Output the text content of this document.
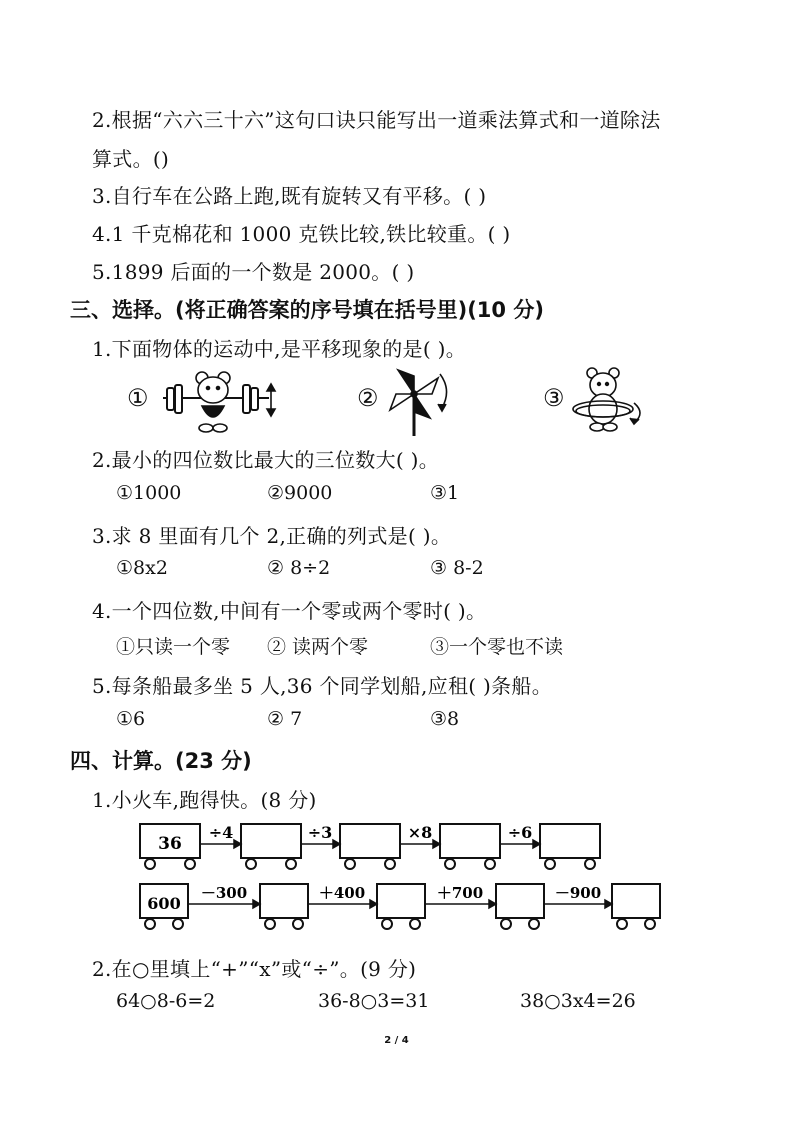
2.根据“六六三十六”这句口诀只能写出一道乘法算式和一道除法
算式。()
3.自行车在公路上跑,既有旋转又有平移。( )
4.1 千克棉花和 1000 克铁比较,铁比较重。( )
5.1899 后面的一个数是 2000。( )
三、选择。(将正确答案的序号填在括号里)(10 分)
1.下面物体的运动中,是平移现象的是( )。
①	②	③
2.最小的四位数比最大的三位数大( )。
①1000	②9000	③1
3.求 8 里面有几个 2,正确的列式是( )。
①8x2	② 8÷2	③ 8-2
4.一个四位数,中间有一个零或两个零时( )。
①只读一个零 ② 读两个零	③一个零也不读
5.每条船最多坐 5 人,36 个同学划船,应租( )条船。
①6	② 7	③8
四、计算。(23 分)
1.小火车,跑得快。(8 分)
36
÷4	÷3	×8	÷6
600
－300	＋400	＋700	－900
2.在○里填上“+”“x”或“÷”。(9 分)
64○8-6=2	36-8○3=31	38○3x4=26
2 / 4
